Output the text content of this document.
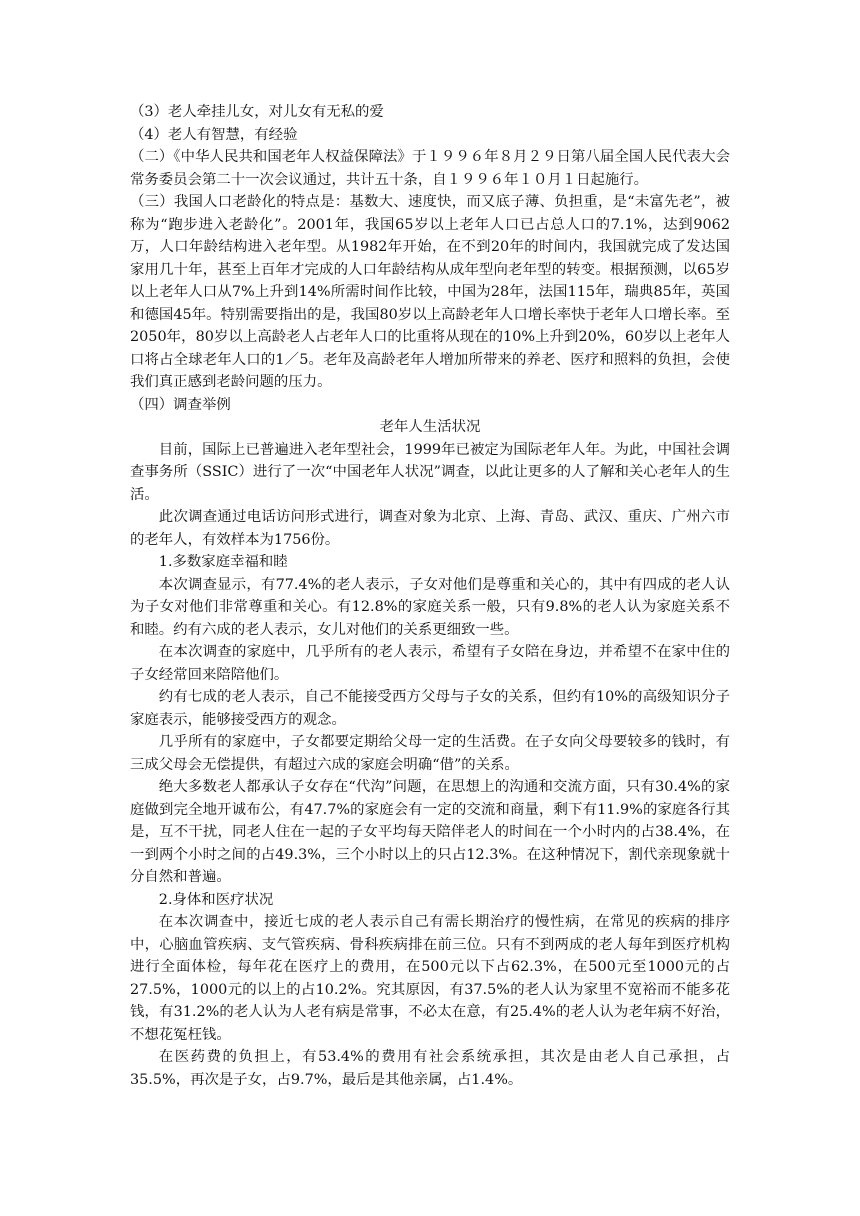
（3）老人牵挂儿女，对儿女有无私的爱

（4）老人有智慧，有经验

（二）《中华人民共和国老年人权益保障法》于１９９６年８月２９日第八届全国人民代表大会常务委员会第二十一次会议通过，共计五十条，自１９９６年１０月１日起施行。

（三）我国人口老龄化的特点是：基数大、速度快，而又底子薄、负担重，是“未富先老”，被称为“跑步进入老龄化”。2001年，我国65岁以上老年人口已占总人口的7.1%，达到9062万，人口年龄结构进入老年型。从1982年开始，在不到20年的时间内，我国就完成了发达国家用几十年，甚至上百年才完成的人口年龄结构从成年型向老年型的转变。根据预测，以65岁以上老年人口从7%上升到14%所需时间作比较，中国为28年，法国115年，瑞典85年，英国和德国45年。特别需要指出的是，我国80岁以上高龄老年人口增长率快于老年人口增长率。至2050年，80岁以上高龄老人占老年人口的比重将从现在的10%上升到20%，60岁以上老年人口将占全球老年人口的1／5。老年及高龄老年人增加所带来的养老、医疗和照料的负担，会使我们真正感到老龄问题的压力。

（四）调查举例

老年人生活状况

目前，国际上已普遍进入老年型社会，1999年已被定为国际老年人年。为此，中国社会调查事务所（SSIC）进行了一次“中国老年人状况”调查，以此让更多的人了解和关心老年人的生活。

此次调查通过电话访问形式进行，调查对象为北京、上海、青岛、武汉、重庆、广州六市的老年人，有效样本为1756份。

1.多数家庭幸福和睦

本次调查显示，有77.4%的老人表示，子女对他们是尊重和关心的，其中有四成的老人认为子女对他们非常尊重和关心。有12.8%的家庭关系一般，只有9.8%的老人认为家庭关系不和睦。约有六成的老人表示，女儿对他们的关系更细致一些。

在本次调查的家庭中，几乎所有的老人表示，希望有子女陪在身边，并希望不在家中住的子女经常回来陪陪他们。

约有七成的老人表示，自己不能接受西方父母与子女的关系，但约有10%的高级知识分子家庭表示，能够接受西方的观念。

几乎所有的家庭中，子女都要定期给父母一定的生活费。在子女向父母要较多的钱时，有三成父母会无偿提供，有超过六成的家庭会明确“借”的关系。

绝大多数老人都承认子女存在“代沟”问题，在思想上的沟通和交流方面，只有30.4%的家庭做到完全地开诚布公，有47.7%的家庭会有一定的交流和商量，剩下有11.9%的家庭各行其是，互不干扰，同老人住在一起的子女平均每天陪伴老人的时间在一个小时内的占38.4%，在一到两个小时之间的占49.3%，三个小时以上的只占12.3%。在这种情况下，割代亲现象就十分自然和普遍。

2.身体和医疗状况

在本次调查中，接近七成的老人表示自己有需长期治疗的慢性病，在常见的疾病的排序中，心脑血管疾病、支气管疾病、骨科疾病排在前三位。只有不到两成的老人每年到医疗机构进行全面体检，每年花在医疗上的费用，在500元以下占62.3%，在500元至1000元的占27.5%，1000元的以上的占10.2%。究其原因，有37.5%的老人认为家里不宽裕而不能多花钱，有31.2%的老人认为人老有病是常事，不必太在意，有25.4%的老人认为老年病不好治，不想花冤枉钱。

在医药费的负担上，有53.4%的费用有社会系统承担，其次是由老人自己承担，占35.5%，再次是子女，占9.7%，最后是其他亲属，占1.4%。
